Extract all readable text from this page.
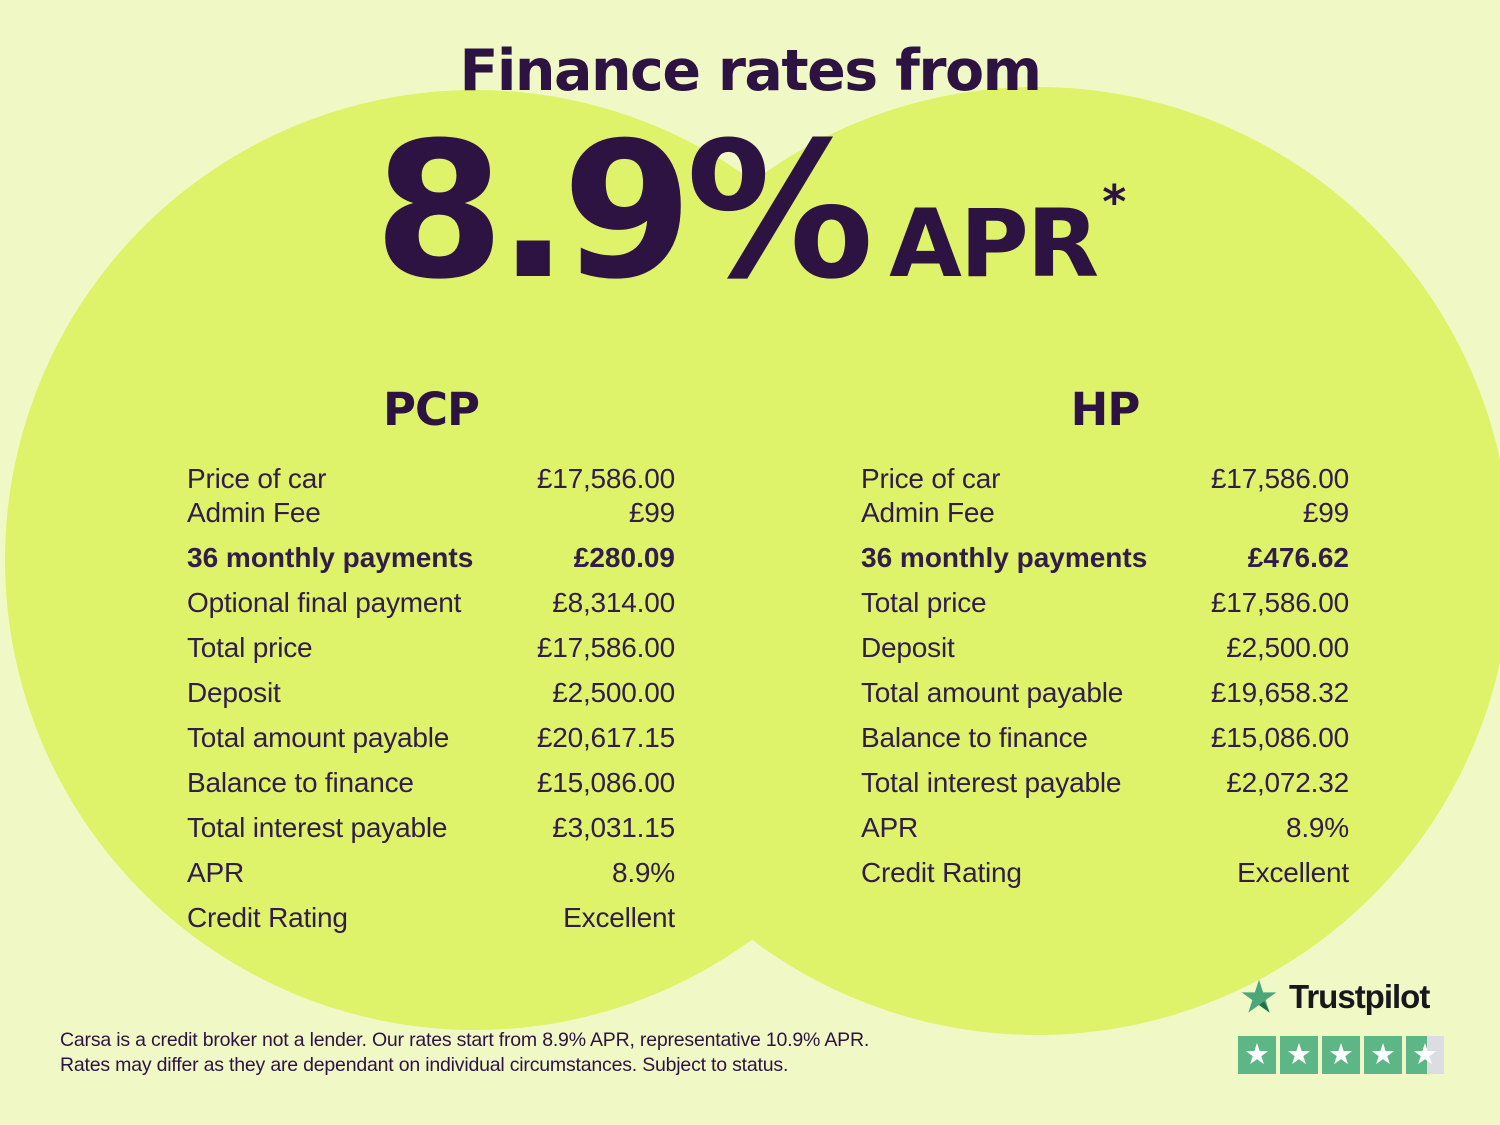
Finance rates from
8.9% APR *
PCP
Price of car	£17,586.00
Admin Fee	£99
36 monthly payments	£280.09
Optional final payment	£8,314.00
Total price	£17,586.00
Deposit	£2,500.00
Total amount payable	£20,617.15
Balance to finance	£15,086.00
Total interest payable	£3,031.15
APR	8.9%
Credit Rating	Excellent
HP
Price of car	£17,586.00
Admin Fee	£99
36 monthly payments	£476.62
Total price	£17,586.00
Deposit	£2,500.00
Total amount payable	£19,658.32
Balance to finance	£15,086.00
Total interest payable	£2,072.32
APR	8.9%
Credit Rating	Excellent
Carsa is a credit broker not a lender. Our rates start from 8.9% APR, representative 10.9% APR.
Rates may differ as they are dependant on individual circumstances. Subject to status.
Trustpilot
★ ★ ★ ★ ★
